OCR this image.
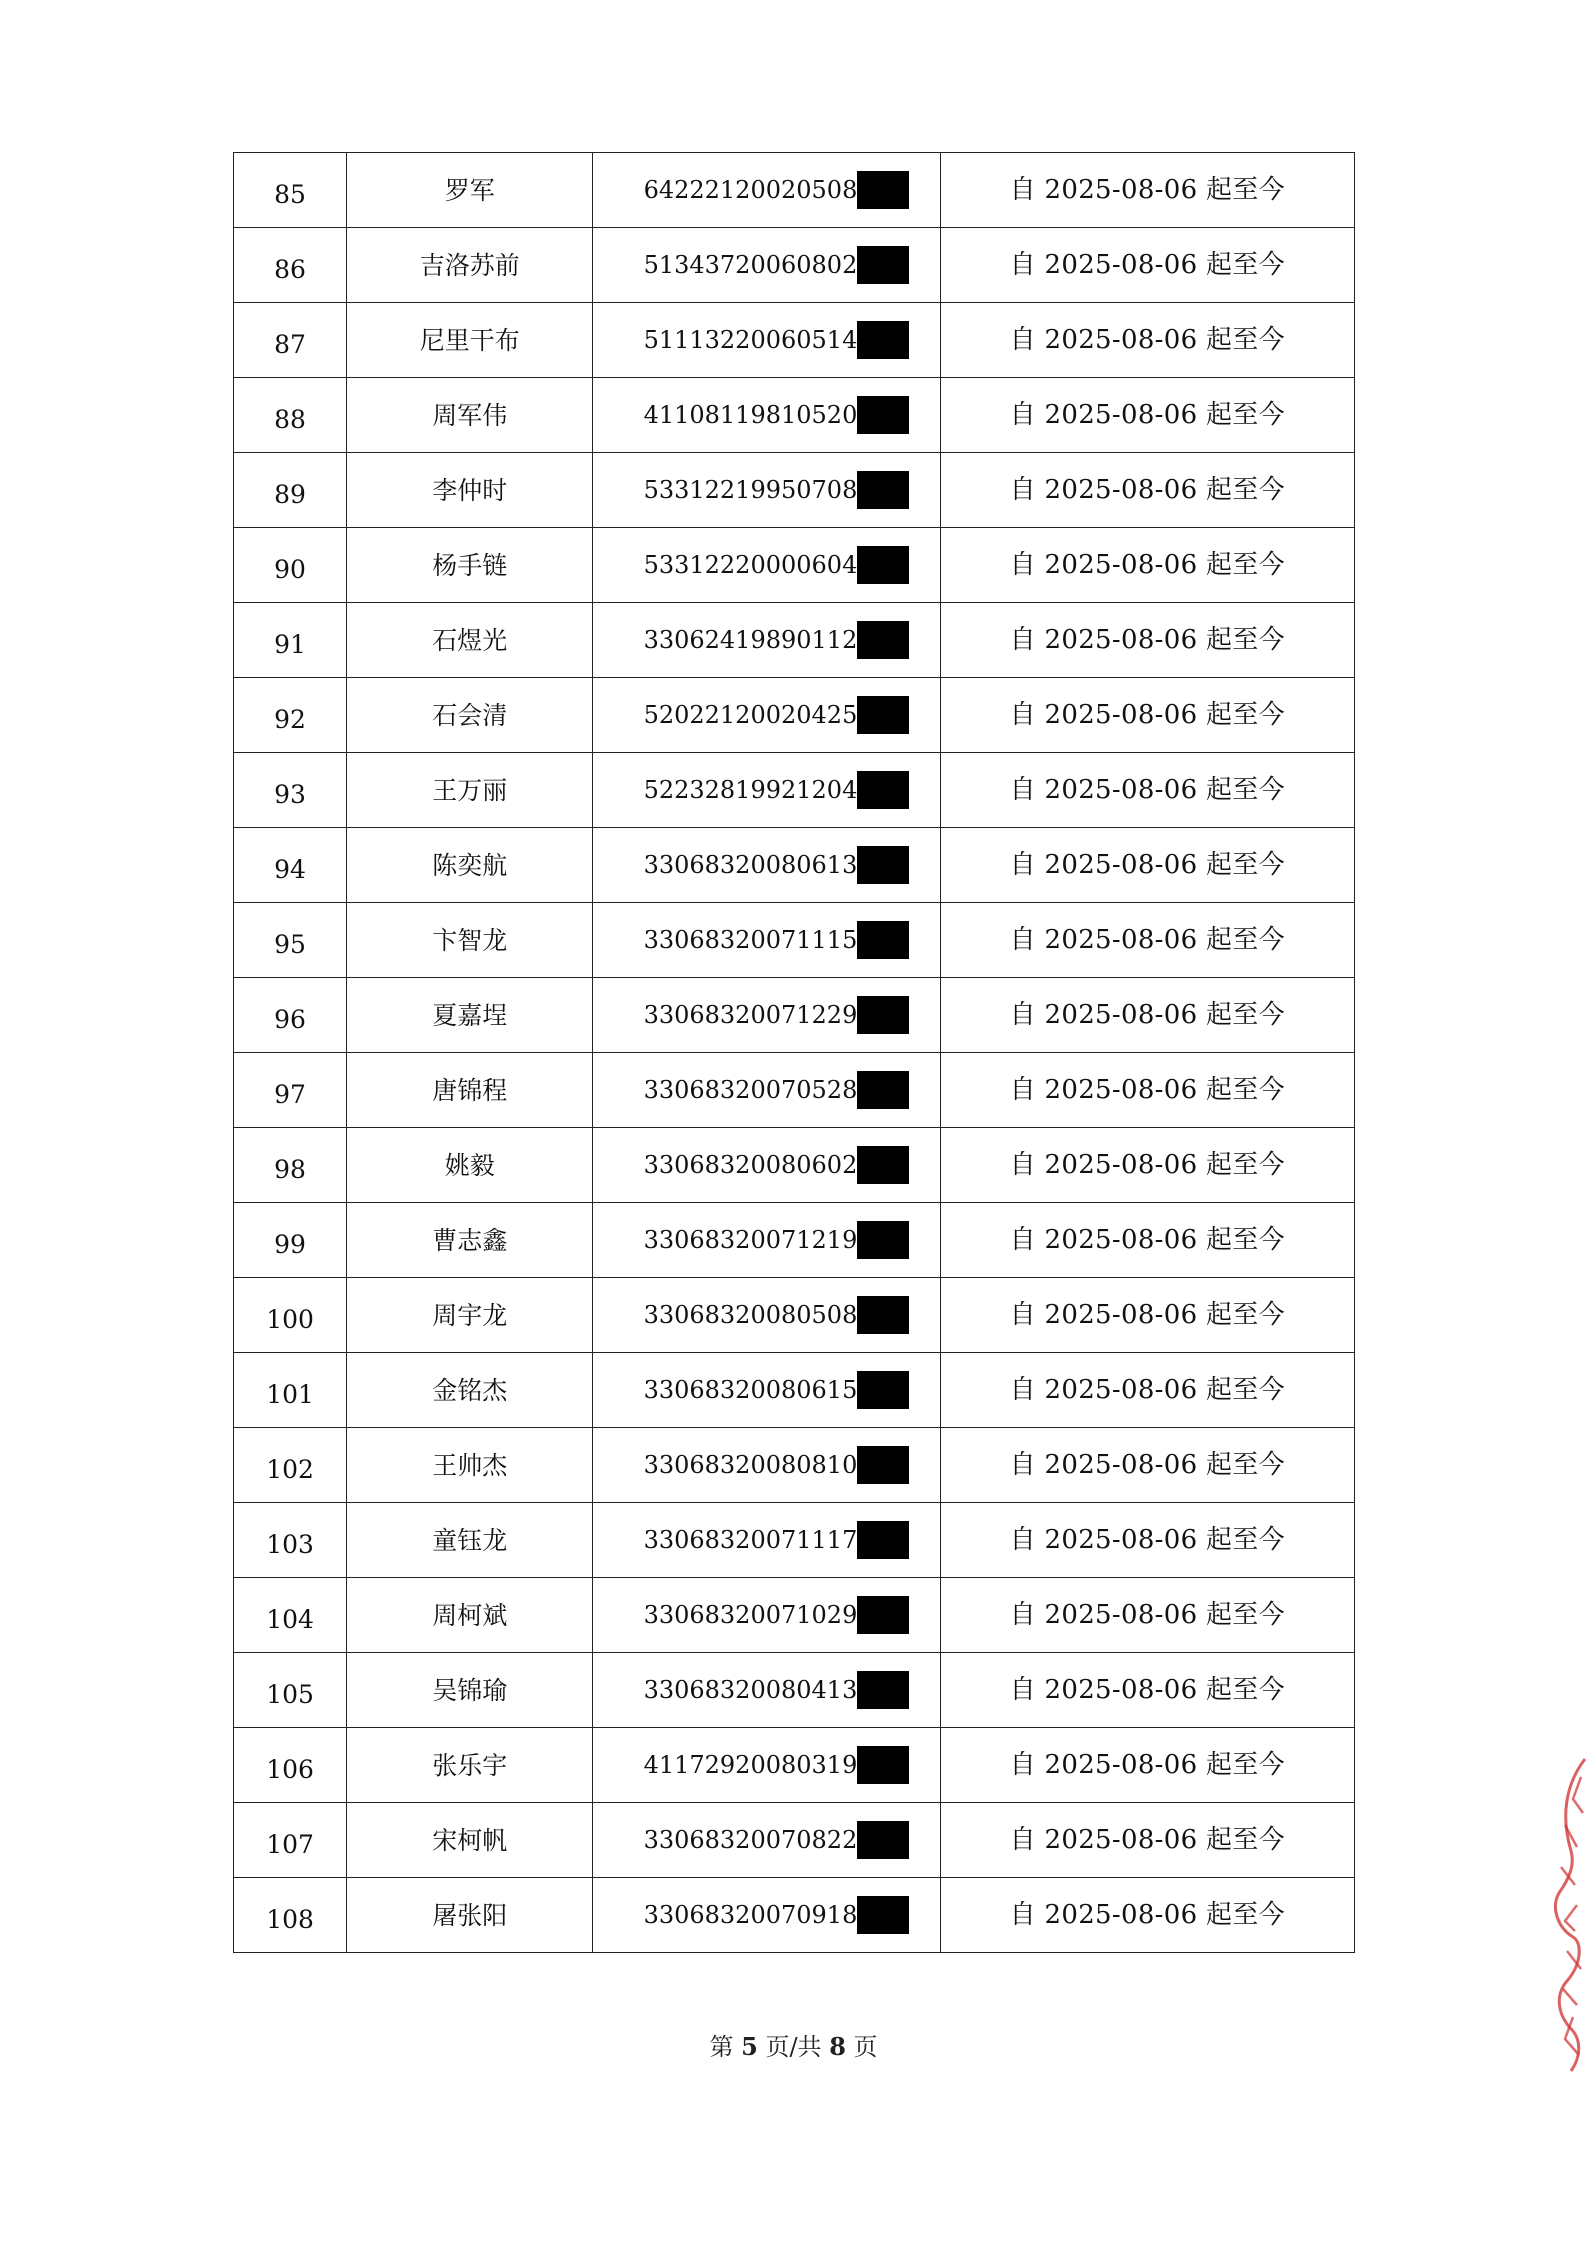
85	罗军	64222120020508	自 2025-08-06 起至今
86	吉洛苏前	51343720060802	自 2025-08-06 起至今
87	尼里干布	51113220060514	自 2025-08-06 起至今
88	周军伟	41108119810520	自 2025-08-06 起至今
89	李仲时	53312219950708	自 2025-08-06 起至今
90	杨手链	53312220000604	自 2025-08-06 起至今
91	石煜光	33062419890112	自 2025-08-06 起至今
92	石会清	52022120020425	自 2025-08-06 起至今
93	王万丽	52232819921204	自 2025-08-06 起至今
94	陈奕航	33068320080613	自 2025-08-06 起至今
95	卞智龙	33068320071115	自 2025-08-06 起至今
96	夏嘉埕	33068320071229	自 2025-08-06 起至今
97	唐锦程	33068320070528	自 2025-08-06 起至今
98	姚毅	33068320080602	自 2025-08-06 起至今
99	曹志鑫	33068320071219	自 2025-08-06 起至今
100	周宇龙	33068320080508	自 2025-08-06 起至今
101	金铭杰	33068320080615	自 2025-08-06 起至今
102	王帅杰	33068320080810	自 2025-08-06 起至今
103	童钰龙	33068320071117	自 2025-08-06 起至今
104	周柯斌	33068320071029	自 2025-08-06 起至今
105	吴锦瑜	33068320080413	自 2025-08-06 起至今
106	张乐宇	41172920080319	自 2025-08-06 起至今
107	宋柯帆	33068320070822	自 2025-08-06 起至今
108	屠张阳	33068320070918	自 2025-08-06 起至今
第 5 页/共 8 页
